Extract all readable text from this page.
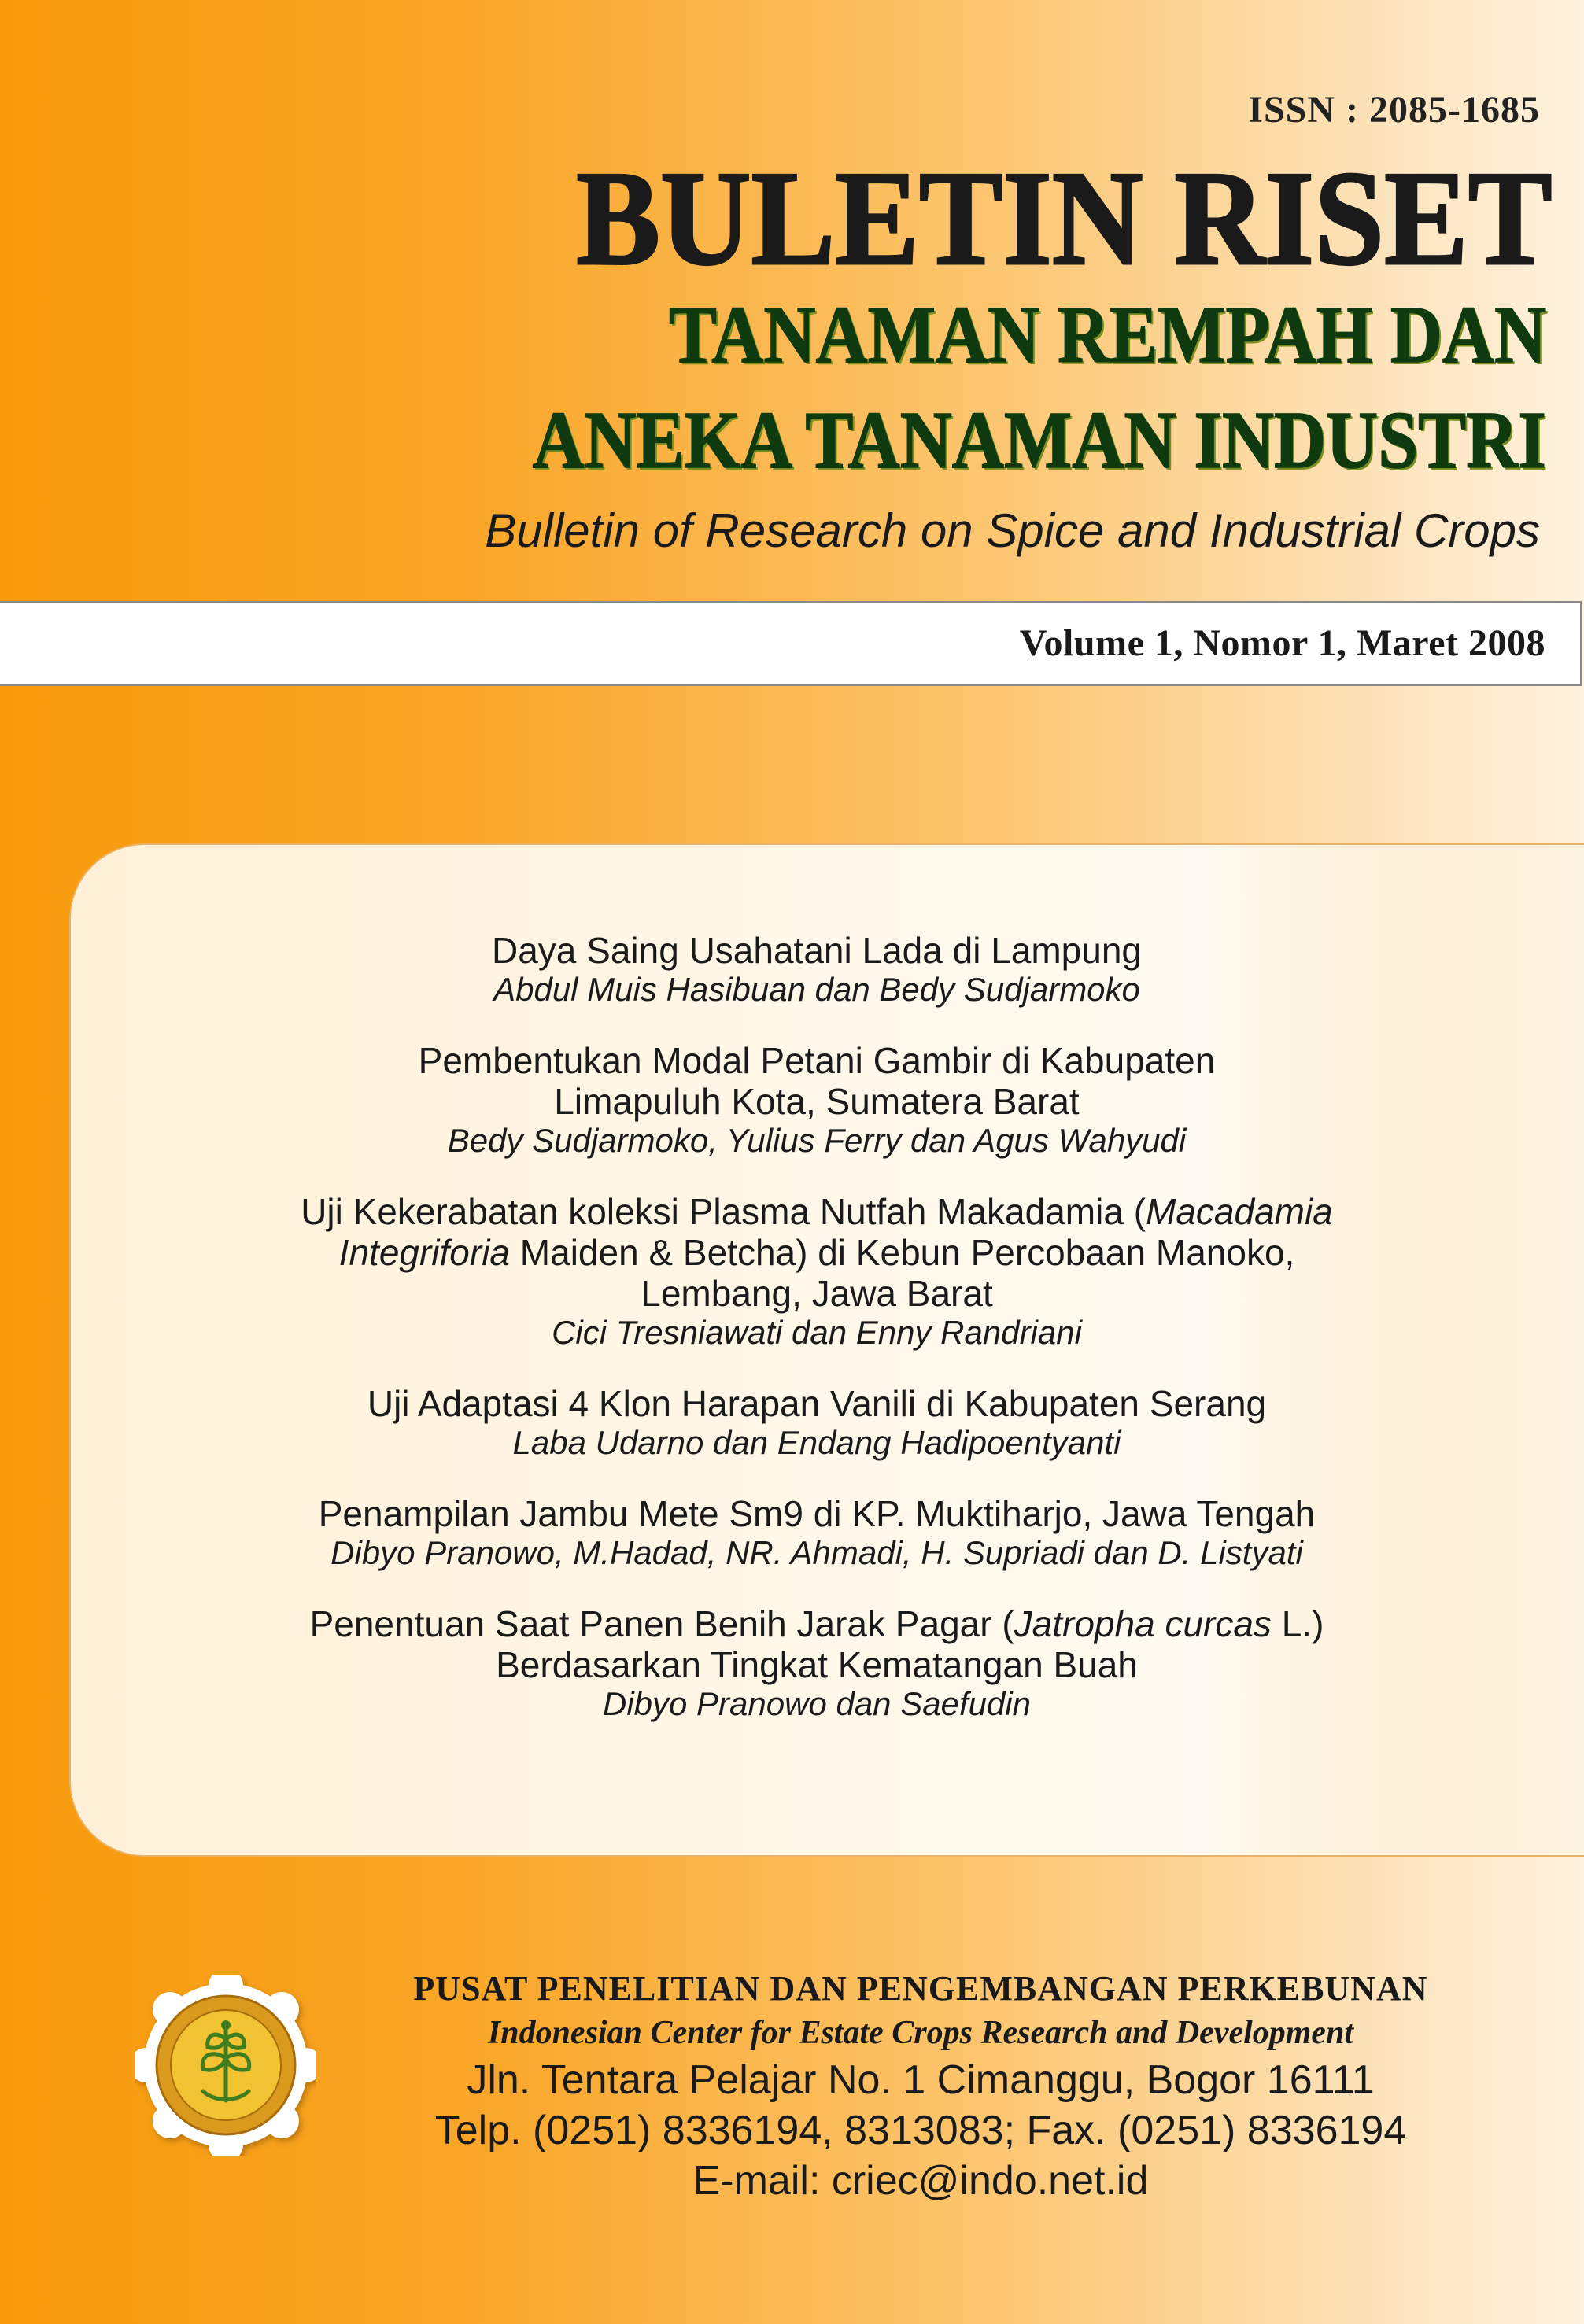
ISSN : 2085-1685
BULETIN RISET
TANAMAN REMPAH DAN
ANEKA TANAMAN INDUSTRI
Bulletin of Research on Spice and Industrial Crops
Volume 1, Nomor 1, Maret 2008
Daya Saing Usahatani Lada di Lampung
Abdul Muis Hasibuan dan Bedy Sudjarmoko
Pembentukan Modal Petani Gambir di Kabupaten
Limapuluh Kota, Sumatera Barat
Bedy Sudjarmoko, Yulius Ferry dan Agus Wahyudi
Uji Kekerabatan koleksi Plasma Nutfah Makadamia (Macadamia
Integriforia Maiden & Betcha) di Kebun Percobaan Manoko,
Lembang, Jawa Barat
Cici Tresniawati dan Enny Randriani
Uji Adaptasi 4 Klon Harapan Vanili di Kabupaten Serang
Laba Udarno dan Endang Hadipoentyanti
Penampilan Jambu Mete Sm9 di KP. Muktiharjo, Jawa Tengah
Dibyo Pranowo, M.Hadad, NR. Ahmadi, H. Supriadi dan D. Listyati
Penentuan Saat Panen Benih Jarak Pagar (Jatropha curcas L.)
Berdasarkan Tingkat Kematangan Buah
Dibyo Pranowo dan Saefudin
PUSAT PENELITIAN DAN PENGEMBANGAN PERKEBUNAN
Indonesian Center for Estate Crops Research and Development
Jln. Tentara Pelajar No. 1 Cimanggu, Bogor 16111
Telp. (0251) 8336194, 8313083; Fax. (0251) 8336194
E-mail: criec@indo.net.id
